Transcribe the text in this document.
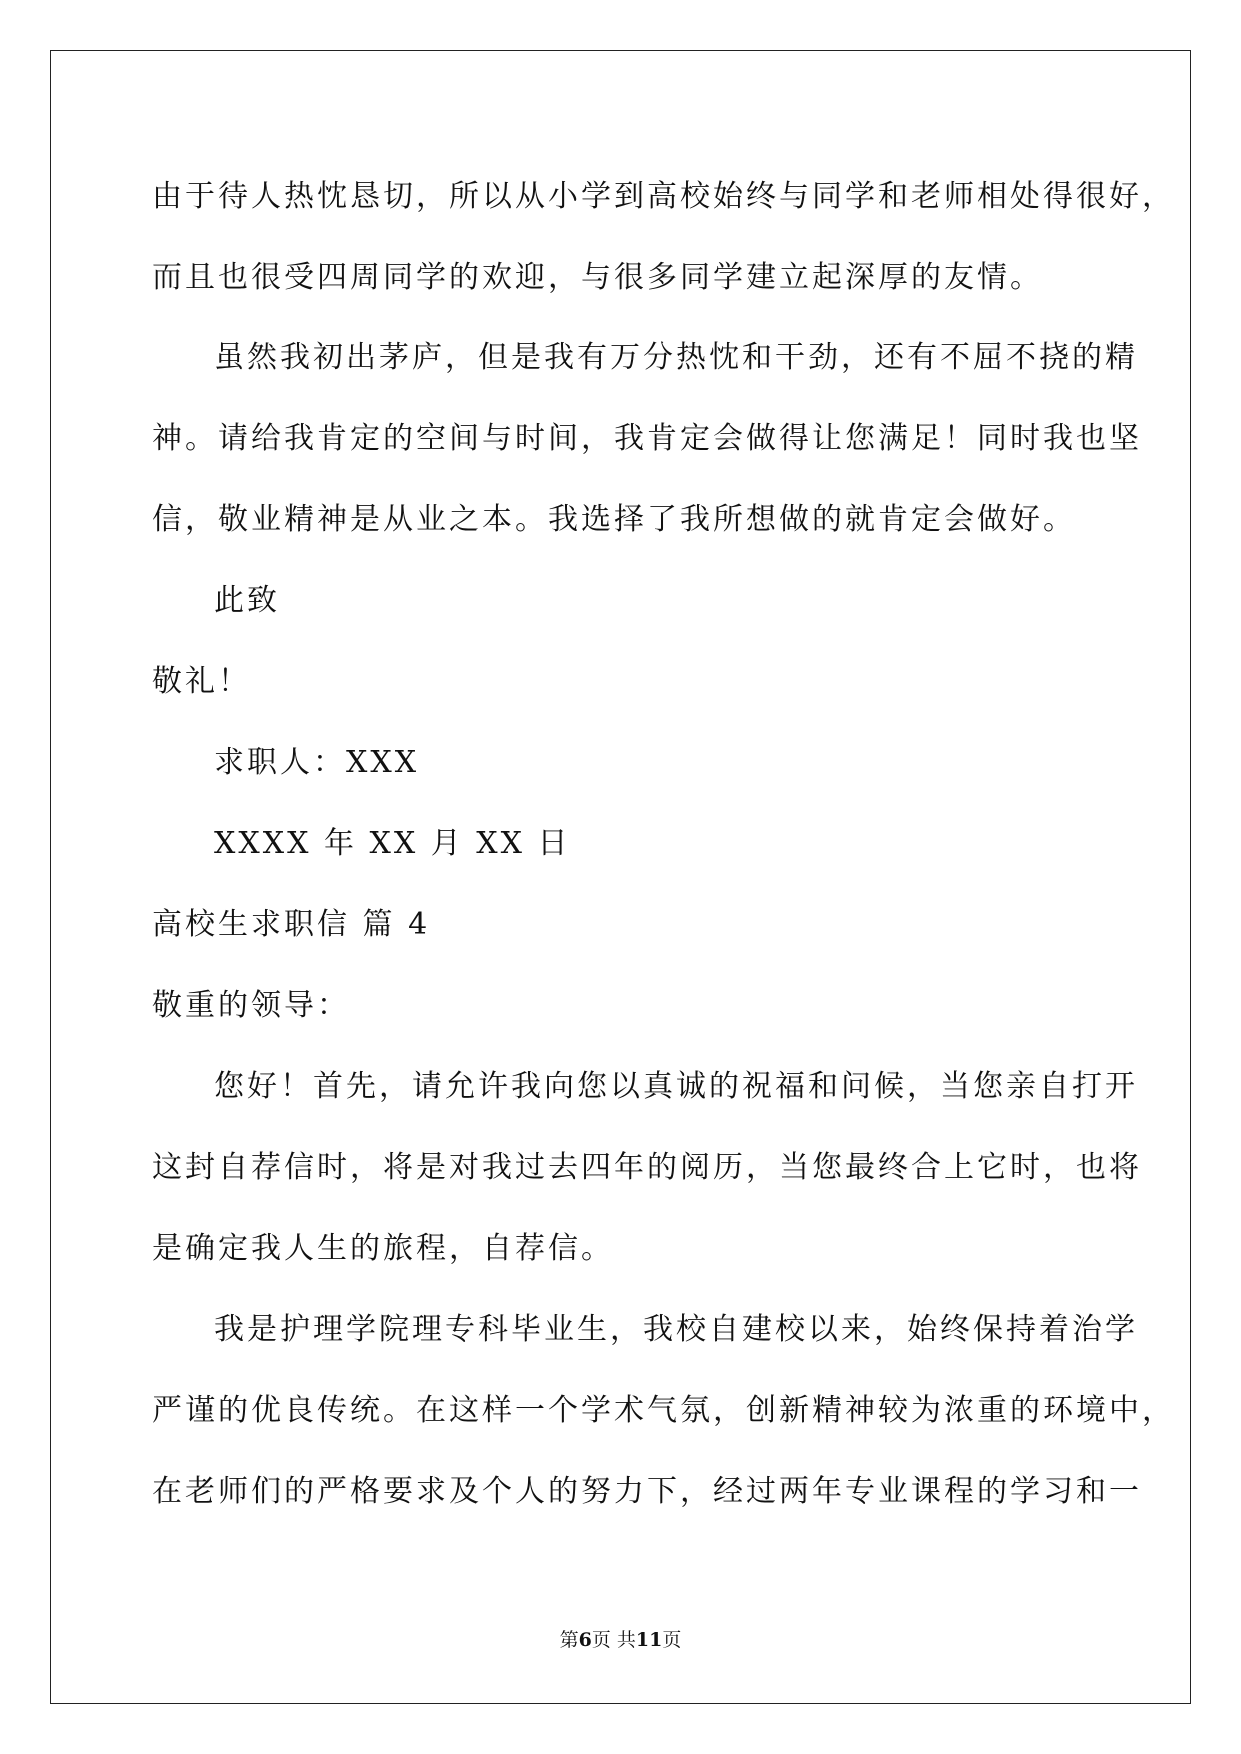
由于待人热忱恳切，所以从小学到高校始终与同学和老师相处得很好，
而且也很受四周同学的欢迎，与很多同学建立起深厚的友情。
虽然我初出茅庐，但是我有万分热忱和干劲，还有不屈不挠的精
神。请给我肯定的空间与时间，我肯定会做得让您满足！同时我也坚
信，敬业精神是从业之本。我选择了我所想做的就肯定会做好。
此致
敬礼！
求职人：XXX
XXXX 年 XX 月 XX 日
高校生求职信 篇 4
敬重的领导：
您好！首先，请允许我向您以真诚的祝福和问候，当您亲自打开
这封自荐信时，将是对我过去四年的阅历，当您最终合上它时，也将
是确定我人生的旅程，自荐信。
我是护理学院理专科毕业生，我校自建校以来，始终保持着治学
严谨的优良传统。在这样一个学术气氛，创新精神较为浓重的环境中，
在老师们的严格要求及个人的努力下，经过两年专业课程的学习和一
第6页 共11页
